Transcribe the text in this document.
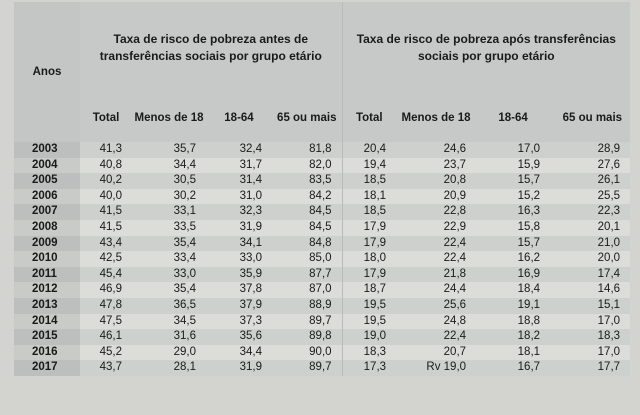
Anos	Taxa de risco de pobreza antes de transferências sociais por grupo etário				Taxa de risco de pobreza após transferências sociais por grupo etário			
	Total	Menos de 18	18-64	65 ou mais	Total	Menos de 18	18-64	65 ou mais
2003	41,3	35,7	32,4	81,8	20,4	24,6	17,0	28,9
2004	40,8	34,4	31,7	82,0	19,4	23,7	15,9	27,6
2005	40,2	30,5	31,4	83,5	18,5	20,8	15,7	26,1
2006	40,0	30,2	31,0	84,2	18,1	20,9	15,2	25,5
2007	41,5	33,1	32,3	84,5	18,5	22,8	16,3	22,3
2008	41,5	33,5	31,9	84,5	17,9	22,9	15,8	20,1
2009	43,4	35,4	34,1	84,8	17,9	22,4	15,7	21,0
2010	42,5	33,4	33,0	85,0	18,0	22,4	16,2	20,0
2011	45,4	33,0	35,9	87,7	17,9	21,8	16,9	17,4
2012	46,9	35,4	37,8	87,0	18,7	24,4	18,4	14,6
2013	47,8	36,5	37,9	88,9	19,5	25,6	19,1	15,1
2014	47,5	34,5	37,3	89,7	19,5	24,8	18,8	17,0
2015	46,1	31,6	35,6	89,8	19,0	22,4	18,2	18,3
2016	45,2	29,0	34,4	90,0	18,3	20,7	18,1	17,0
2017	43,7	28,1	31,9	89,7	17,3	Rv 19,0	16,7	17,7
